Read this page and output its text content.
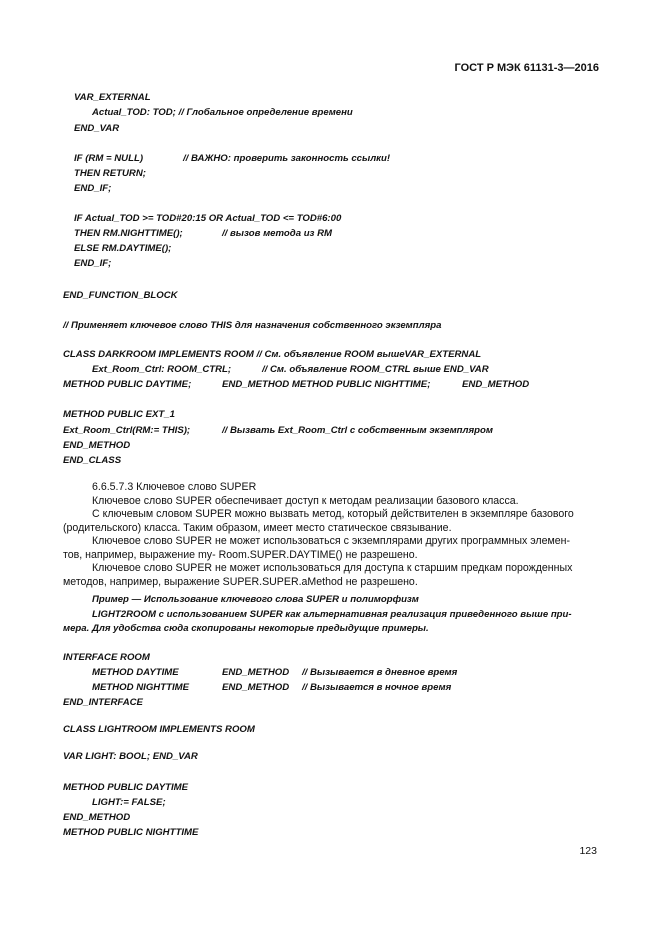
ГОСТ Р МЭК 61131-3—2016
VAR_EXTERNAL
Actual_TOD: TOD; // Глобальное определение времени
END_VAR
IF (RM = NULL)	// ВАЖНО: проверить законность ссылки!
THEN RETURN;
END_IF;
IF Actual_TOD >= TOD#20:15 OR Actual_TOD <= TOD#6:00
THEN RM.NIGHTTIME();	// вызов метода из RM
ELSE RM.DAYTIME();
END_IF;
END_FUNCTION_BLOCK
// Применяет ключевое слово THIS для назначения собственного экземпляра
CLASS DARKROOM IMPLEMENTS ROOM // См. объявление ROOM вышеVAR_EXTERNAL
Ext_Room_Ctrl: ROOM_CTRL;	// См. объявление ROOM_CTRL выше END_VAR
METHOD PUBLIC DAYTIME;	END_METHOD METHOD PUBLIC NIGHTTIME;	END_METHOD
METHOD PUBLIC EXT_1
Ext_Room_Ctrl(RM:= THIS);	// Вызвать Ext_Room_Ctrl с собственным экземпляром
END_METHOD
END_CLASS
6.6.5.7.3 Ключевое слово SUPER
Ключевое слово SUPER обеспечивает доступ к методам реализации базового класса.
С ключевым словом SUPER можно вызвать метод, который действителен в экземпляре базового
(родительского) класса. Таким образом, имеет место статическое связывание.
Ключевое слово SUPER не может использоваться с экземплярами других программных элемен-
тов, например, выражение my- Room.SUPER.DAYTIME() не разрешено.
Ключевое слово SUPER не может использоваться для доступа к старшим предкам порожденных
методов, например, выражение SUPER.SUPER.aMethod не разрешено.
Пример — Использование ключевого слова SUPER и полиморфизм
LIGHT2ROOM с использованием SUPER как альтернативная реализация приведенного выше при-
мера. Для удобства сюда скопированы некоторые предыдущие примеры.
INTERFACE ROOM
METHOD DAYTIME	END_METHOD // Вызывается в дневное время
METHOD NIGHTTIME	END_METHOD // Вызывается в ночное время
END_INTERFACE
CLASS LIGHTROOM IMPLEMENTS ROOM
VAR LIGHT: BOOL; END_VAR
METHOD PUBLIC DAYTIME
LIGHT:= FALSE;
END_METHOD
METHOD PUBLIC NIGHTTIME
123
